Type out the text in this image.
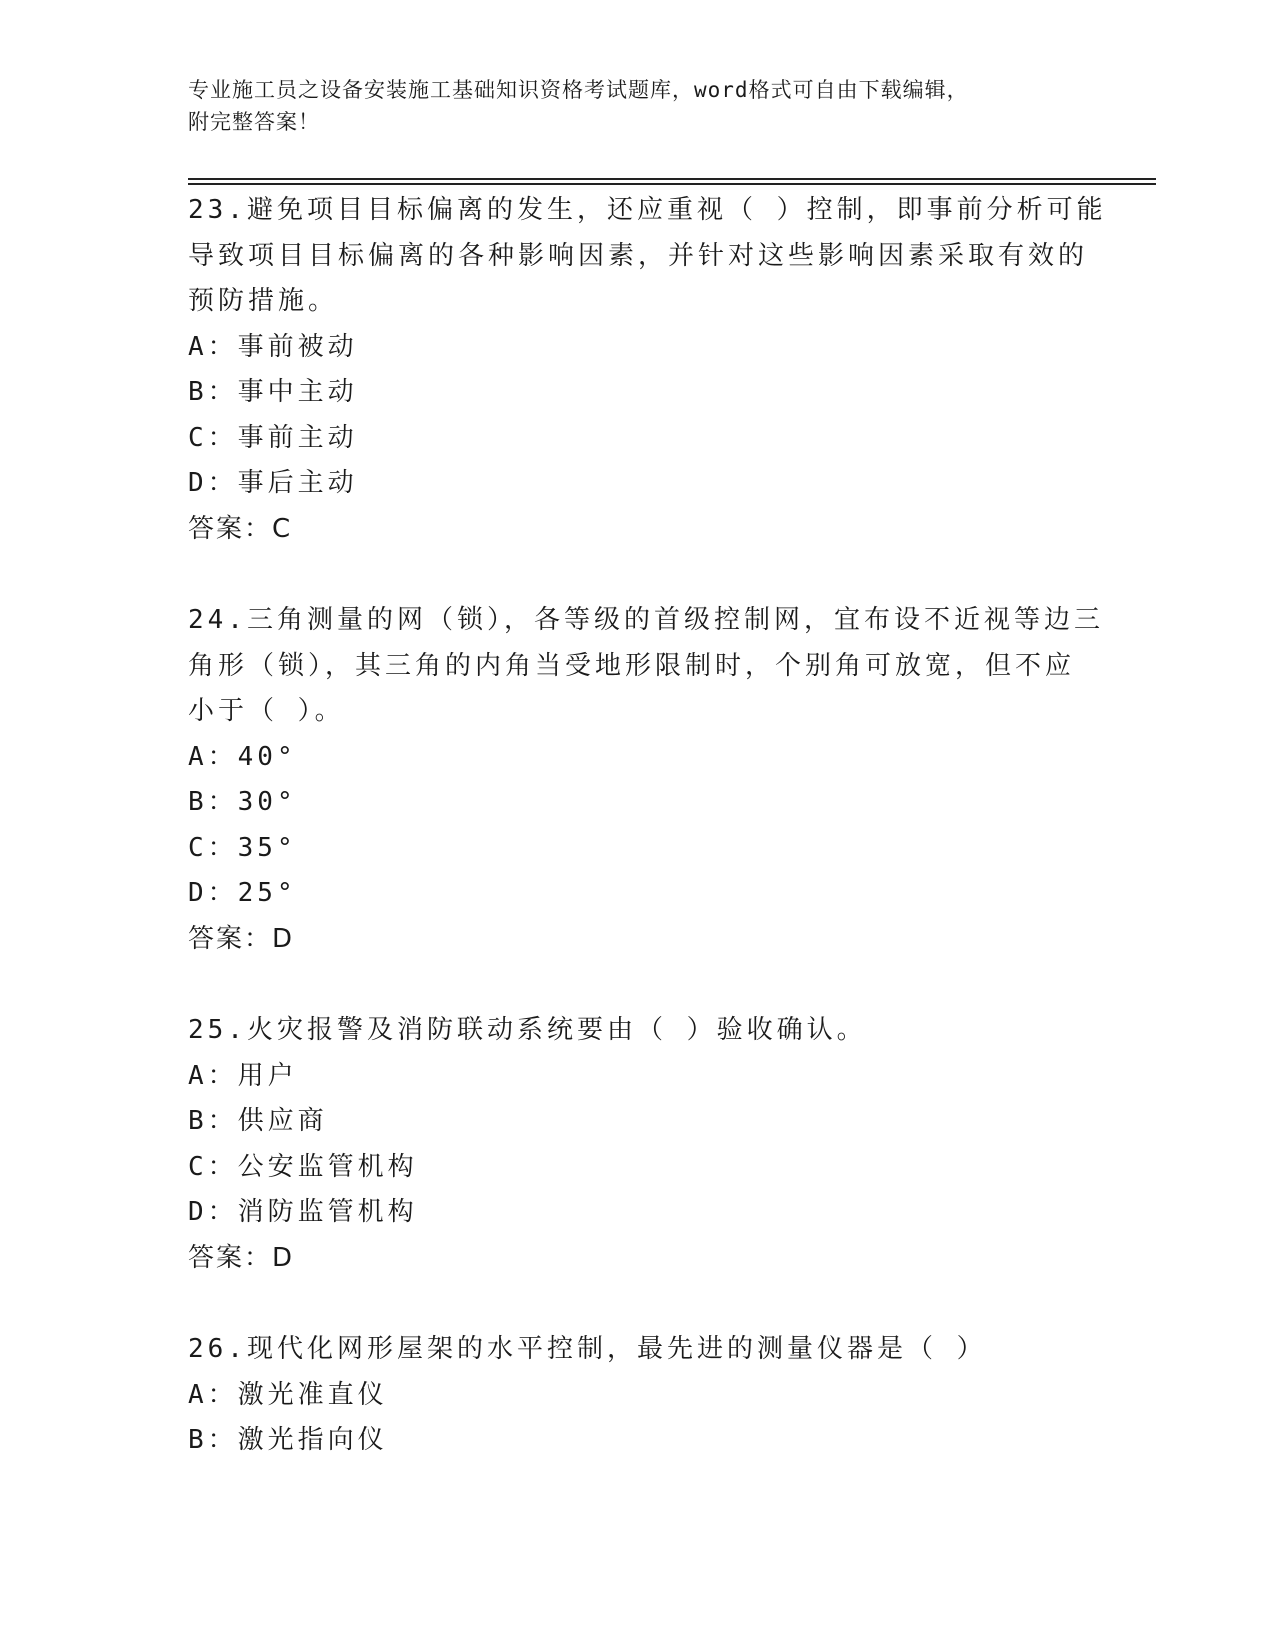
专业施工员之设备安装施工基础知识资格考试题库，word格式可自由下载编辑，
附完整答案！
23.避免项目目标偏离的发生，还应重视（ ）控制，即事前分析可能
导致项目目标偏离的各种影响因素，并针对这些影响因素采取有效的
预防措施。
A：事前被动
B：事中主动
C：事前主动
D：事后主动
答案：C
24.三角测量的网（锁），各等级的首级控制网，宜布设不近视等边三
角形（锁），其三角的内角当受地形限制时，个别角可放宽，但不应
小于（ ）。
A：40°
B：30°
C：35°
D：25°
答案：D
25.火灾报警及消防联动系统要由（ ）验收确认。
A：用户
B：供应商
C：公安监管机构
D：消防监管机构
答案：D
26.现代化网形屋架的水平控制，最先进的测量仪器是（ ）
A：激光准直仪
B：激光指向仪
